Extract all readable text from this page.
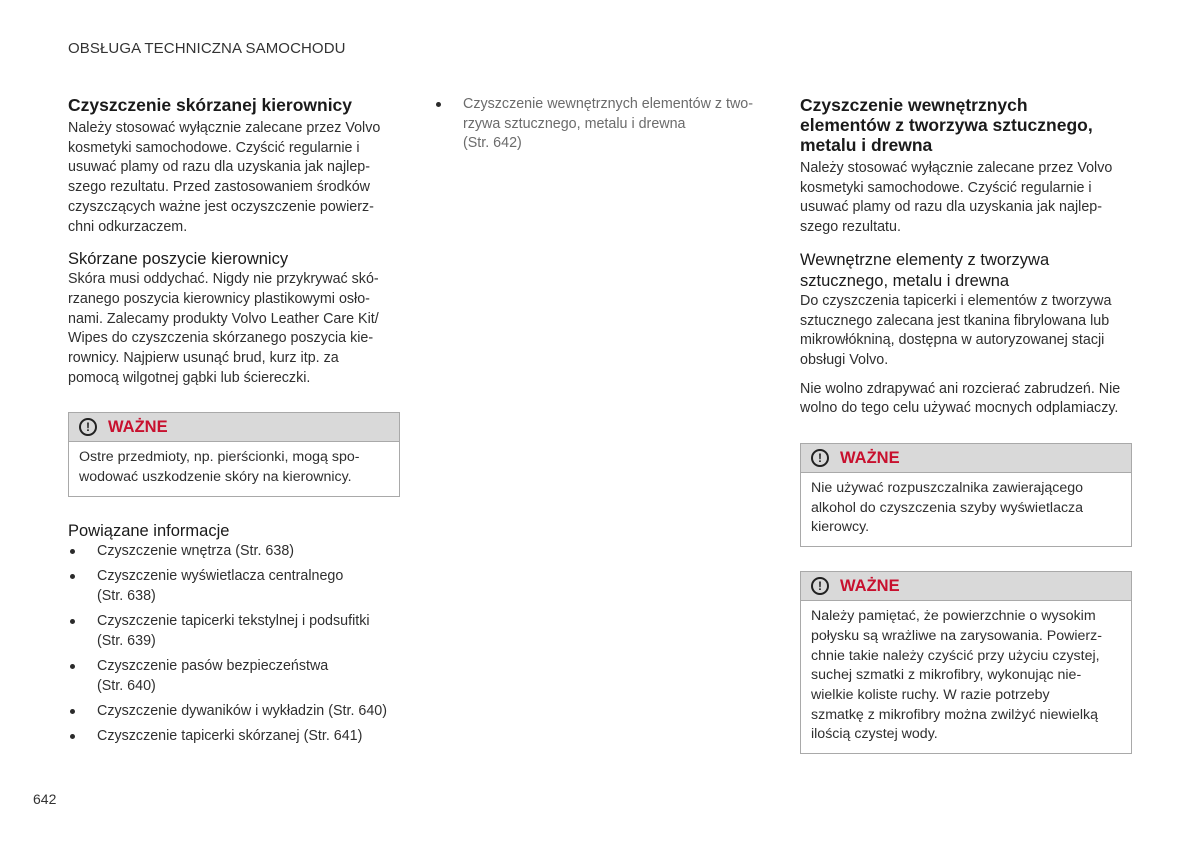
OBSŁUGA TECHNICZNA SAMOCHODU
Czyszczenie skórzanej kierownicy

Należy stosować wyłącznie zalecane przez Volvo
kosmetyki samochodowe. Czyścić regularnie i
usuwać plamy od razu dla uzyskania jak najlep-
szego rezultatu. Przed zastosowaniem środków
czyszczących ważne jest oczyszczenie powierz-
chni odkurzaczem.

Skórzane poszycie kierownicy

Skóra musi oddychać. Nigdy nie przykrywać skó-
rzanego poszycia kierownicy plastikowymi osło-
nami. Zalecamy produkty Volvo Leather Care Kit/
Wipes do czyszczenia skórzanego poszycia kie-
rownicy. Najpierw usunąć brud, kurz itp. za
pomocą wilgotnej gąbki lub ściereczki.

!	WAŻNE
Ostre przedmioty, np. pierścionki, mogą spo-
wodować uszkodzenie skóry na kierownicy.
Powiązane informacje
Czyszczenie wnętrza (Str. 638)
Czyszczenie wyświetlacza centralnego
(Str. 638)
Czyszczenie tapicerki tekstylnej i podsufitki
(Str. 639)
Czyszczenie pasów bezpieczeństwa
(Str. 640)
Czyszczenie dywaników i wykładzin (Str. 640)
Czyszczenie tapicerki skórzanej (Str. 641)
Czyszczenie wewnętrznych elementów z two-
rzywa sztucznego, metalu i drewna
(Str. 642)
Czyszczenie wewnętrznych
elementów z tworzywa sztucznego,
metalu i drewna

Należy stosować wyłącznie zalecane przez Volvo
kosmetyki samochodowe. Czyścić regularnie i
usuwać plamy od razu dla uzyskania jak najlep-
szego rezultatu.

Wewnętrzne elementy z tworzywa
sztucznego, metalu i drewna

Do czyszczenia tapicerki i elementów z tworzywa
sztucznego zalecana jest tkanina fibrylowana lub
mikrowłókniną, dostępna w autoryzowanej stacji
obsługi Volvo.

Nie wolno zdrapywać ani rozcierać zabrudzeń. Nie
wolno do tego celu używać mocnych odplamiaczy.

!	WAŻNE
Nie używać rozpuszczalnika zawierającego
alkohol do czyszczenia szyby wyświetlacza
kierowcy.
!	WAŻNE
Należy pamiętać, że powierzchnie o wysokim
połysku są wrażliwe na zarysowania. Powierz-
chnie takie należy czyścić przy użyciu czystej,
suchej szmatki z mikrofibry, wykonując nie-
wielkie koliste ruchy. W razie potrzeby
szmatkę z mikrofibry można zwilżyć niewielką
ilością czystej wody.
642
